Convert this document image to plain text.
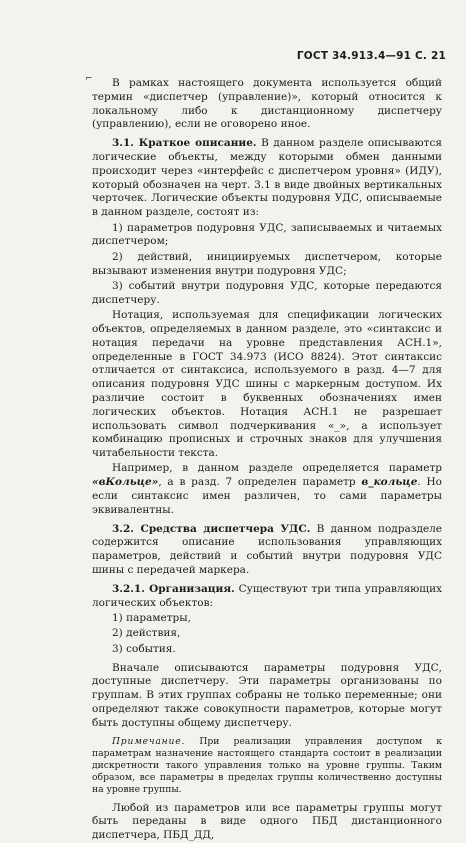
ГОСТ 34.913.4—91 С. 21
⌐	В рамках настоящего документа используется общий термин «диспетчер (управление)», который относится к локальному либо к дистанционному диспетчеру (управлению), если не оговорено иное.

3.1. Краткое описание. В данном разделе описываются логические объекты, между которыми обмен данными происходит через «интерфейс с диспетчером уровня» (ИДУ), который обозначен на черт. 3.1 в виде двойных вертикальных черточек. Логические объекты подуровня УДС, описываемые в данном разделе, состоят из:

1) параметров подуровня УДС, записываемых и читаемых диспетчером;

2) действий, инициируемых диспетчером, которые вызывают изменения внутри подуровня УДС;

3) событий внутри подуровня УДС, которые передаются диспетчеру.

Нотация, используемая для спецификации логических объектов, определяемых в данном разделе, это «синтаксис и нотация передачи на уровне представления АСН.1», определенные в ГОСТ 34.973 (ИСО 8824). Этот синтаксис отличается от синтаксиса, используемого в разд. 4—7 для описания подуровня УДС шины с маркерным доступом. Их различие состоит в буквенных обозначениях имен логических объектов. Нотация АСН.1 не разрешает использовать символ подчеркивания «_», а использует комбинацию прописных и строчных знаков для улучшения читабельности текста.

Например, в данном разделе определяется параметр «вКольце», а в разд. 7 определен параметр в_кольце. Но если синтаксис имен различен, то сами параметры эквивалентны.

3.2. Средства диспетчера УДС. В данном подразделе содержится описание использования управляющих параметров, действий и событий внутри подуровня УДС шины с передачей маркера.

3.2.1. Организация. Существуют три типа управляющих логических объектов:

1) параметры,

2) действия,

3) события.

Вначале описываются параметры подуровня УДС, доступные диспетчеру. Эти параметры организованы по группам. В этих группах собраны не только переменные; они определяют также совокупности параметров, которые могут быть доступны общему диспетчеру.

Примечание. При реализации управления доступом к параметрам назначение настоящего стандарта состоит в реализации дискретности такого управления только на уровне группы. Таким образом, все параметры в пределах группы количественно доступны на уровне группы.

Любой из параметров или все параметры группы могут быть переданы в виде одного ПБД дистанционного диспетчера, ПБД_ДД,
